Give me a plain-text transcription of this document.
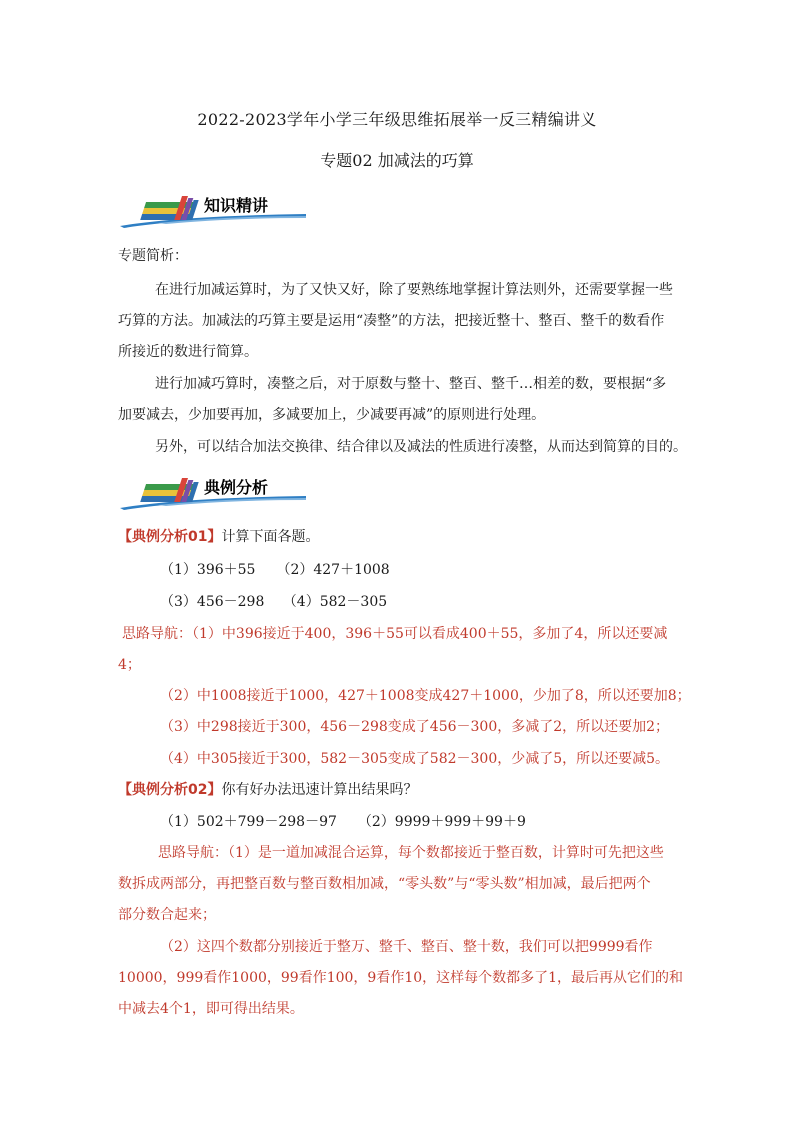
2022-2023学年小学三年级思维拓展举一反三精编讲义
专题02 加减法的巧算
知识精讲
专题简析：
在进行加减运算时，为了又快又好，除了要熟练地掌握计算法则外，还需要掌握一些
巧算的方法。加减法的巧算主要是运用“凑整”的方法，把接近整十、整百、整千的数看作
所接近的数进行简算。
进行加减巧算时，凑整之后，对于原数与整十、整百、整千…相差的数，要根据“多
加要减去，少加要再加，多减要加上，少减要再减”的原则进行处理。
另外，可以结合加法交换律、结合律以及减法的性质进行凑整，从而达到简算的目的。
典例分析
【典例分析01】计算下面各题。
（1）396＋55　　（2）427＋1008
（3）456－298　 （4）582－305
思路导航：（1）中396接近于400，396＋55可以看成400＋55，多加了4，所以还要减
4；
（2）中1008接近于1000，427＋1008变成427＋1000，少加了8，所以还要加8；
（3）中298接近于300，456－298变成了456－300，多减了2，所以还要加2；
（4）中305接近于300，582－305变成了582－300，少减了5，所以还要减5。
【典例分析02】你有好办法迅速计算出结果吗？
（1）502＋799－298－97　　（2）9999＋999＋99＋9
思路导航：（1）是一道加减混合运算，每个数都接近于整百数，计算时可先把这些
数拆成两部分，再把整百数与整百数相加减，“零头数”与“零头数”相加减，最后把两个
部分数合起来；
（2）这四个数都分别接近于整万、整千、整百、整十数，我们可以把9999看作
10000，999看作1000，99看作100，9看作10，这样每个数都多了1，最后再从它们的和
中减去4个1，即可得出结果。
